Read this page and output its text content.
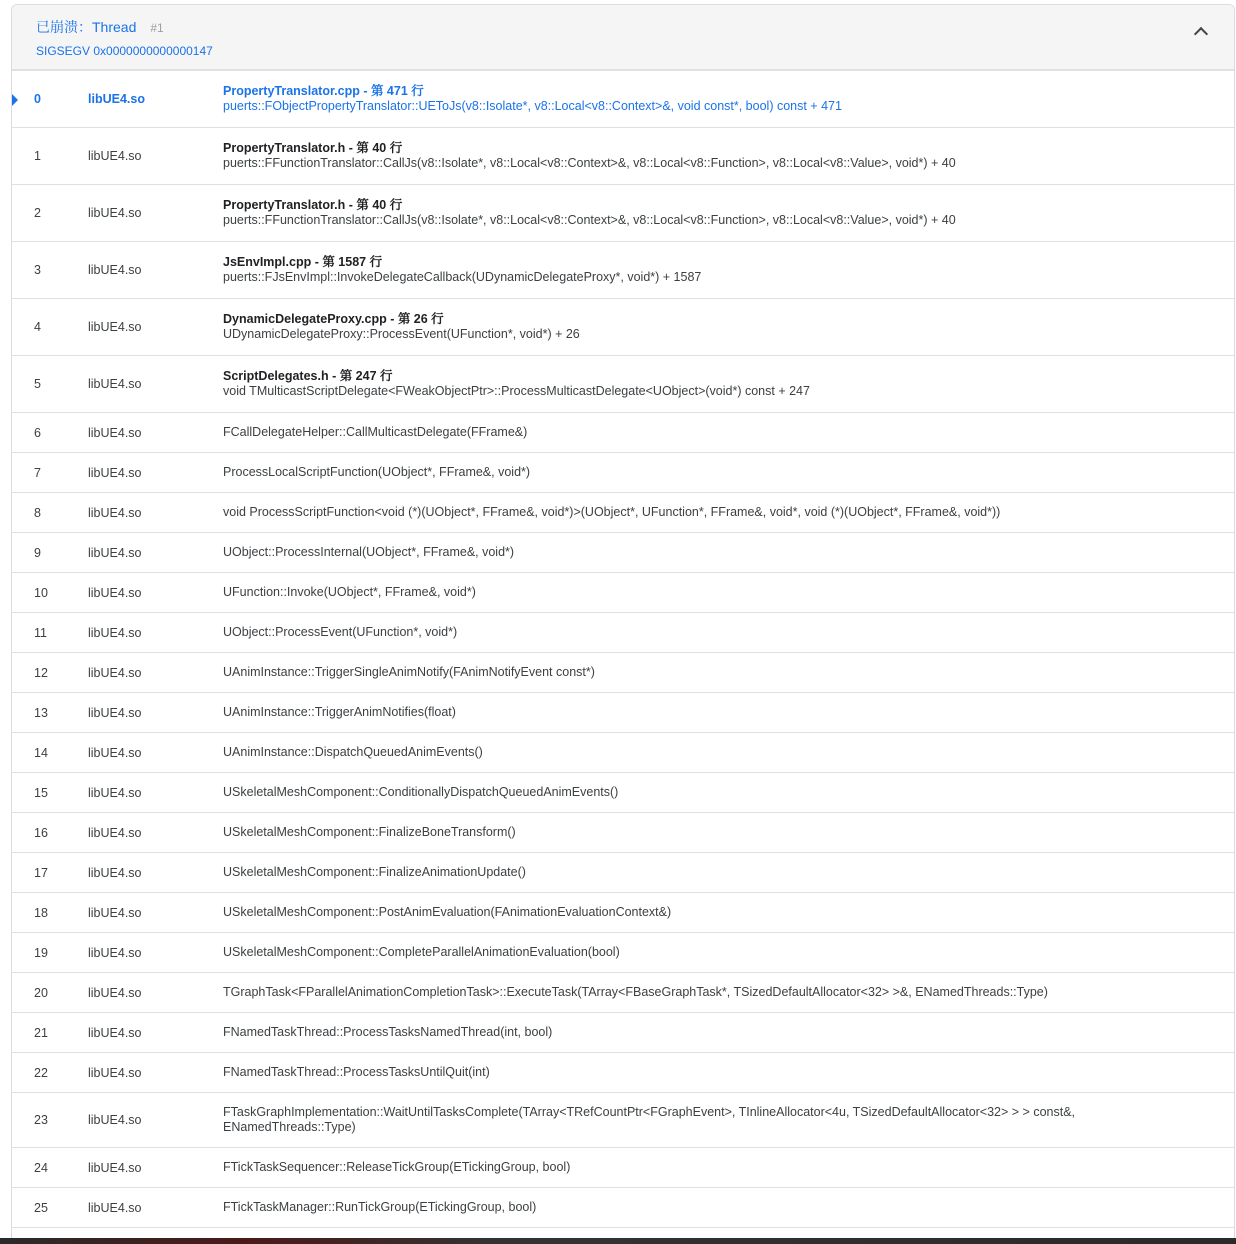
已崩溃：Thread #1
SIGSEGV 0x0000000000000147
0	libUE4.so
PropertyTranslator.cpp - 第 471 行
puerts::FObjectPropertyTranslator::UEToJs(v8::Isolate*, v8::Local<v8::Context>&, void const*, bool) const + 471
1	libUE4.so
PropertyTranslator.h - 第 40 行
puerts::FFunctionTranslator::CallJs(v8::Isolate*, v8::Local<v8::Context>&, v8::Local<v8::Function>, v8::Local<v8::Value>, void*) + 40
2	libUE4.so
PropertyTranslator.h - 第 40 行
puerts::FFunctionTranslator::CallJs(v8::Isolate*, v8::Local<v8::Context>&, v8::Local<v8::Function>, v8::Local<v8::Value>, void*) + 40
3	libUE4.so
JsEnvImpl.cpp - 第 1587 行
puerts::FJsEnvImpl::InvokeDelegateCallback(UDynamicDelegateProxy*, void*) + 1587
4	libUE4.so
DynamicDelegateProxy.cpp - 第 26 行
UDynamicDelegateProxy::ProcessEvent(UFunction*, void*) + 26
5	libUE4.so
ScriptDelegates.h - 第 247 行
void TMulticastScriptDelegate<FWeakObjectPtr>::ProcessMulticastDelegate<UObject>(void*) const + 247
6	libUE4.so	FCallDelegateHelper::CallMulticastDelegate(FFrame&)
7	libUE4.so	ProcessLocalScriptFunction(UObject*, FFrame&, void*)
8	libUE4.so	void ProcessScriptFunction<void (*)(UObject*, FFrame&, void*)>(UObject*, UFunction*, FFrame&, void*, void (*)(UObject*, FFrame&, void*))
9	libUE4.so	UObject::ProcessInternal(UObject*, FFrame&, void*)
10	libUE4.so	UFunction::Invoke(UObject*, FFrame&, void*)
11	libUE4.so	UObject::ProcessEvent(UFunction*, void*)
12	libUE4.so	UAnimInstance::TriggerSingleAnimNotify(FAnimNotifyEvent const*)
13	libUE4.so	UAnimInstance::TriggerAnimNotifies(float)
14	libUE4.so	UAnimInstance::DispatchQueuedAnimEvents()
15	libUE4.so	USkeletalMeshComponent::ConditionallyDispatchQueuedAnimEvents()
16	libUE4.so	USkeletalMeshComponent::FinalizeBoneTransform()
17	libUE4.so	USkeletalMeshComponent::FinalizeAnimationUpdate()
18	libUE4.so	USkeletalMeshComponent::PostAnimEvaluation(FAnimationEvaluationContext&)
19	libUE4.so	USkeletalMeshComponent::CompleteParallelAnimationEvaluation(bool)
20	libUE4.so	TGraphTask<FParallelAnimationCompletionTask>::ExecuteTask(TArray<FBaseGraphTask*, TSizedDefaultAllocator<32> >&, ENamedThreads::Type)
21	libUE4.so	FNamedTaskThread::ProcessTasksNamedThread(int, bool)
22	libUE4.so	FNamedTaskThread::ProcessTasksUntilQuit(int)
23	libUE4.so
FTaskGraphImplementation::WaitUntilTasksComplete(TArray<TRefCountPtr<FGraphEvent>, TInlineAllocator<4u, TSizedDefaultAllocator<32> > > const&, ENamedThreads::Type)
24	libUE4.so	FTickTaskSequencer::ReleaseTickGroup(ETickingGroup, bool)
25	libUE4.so	FTickTaskManager::RunTickGroup(ETickingGroup, bool)
